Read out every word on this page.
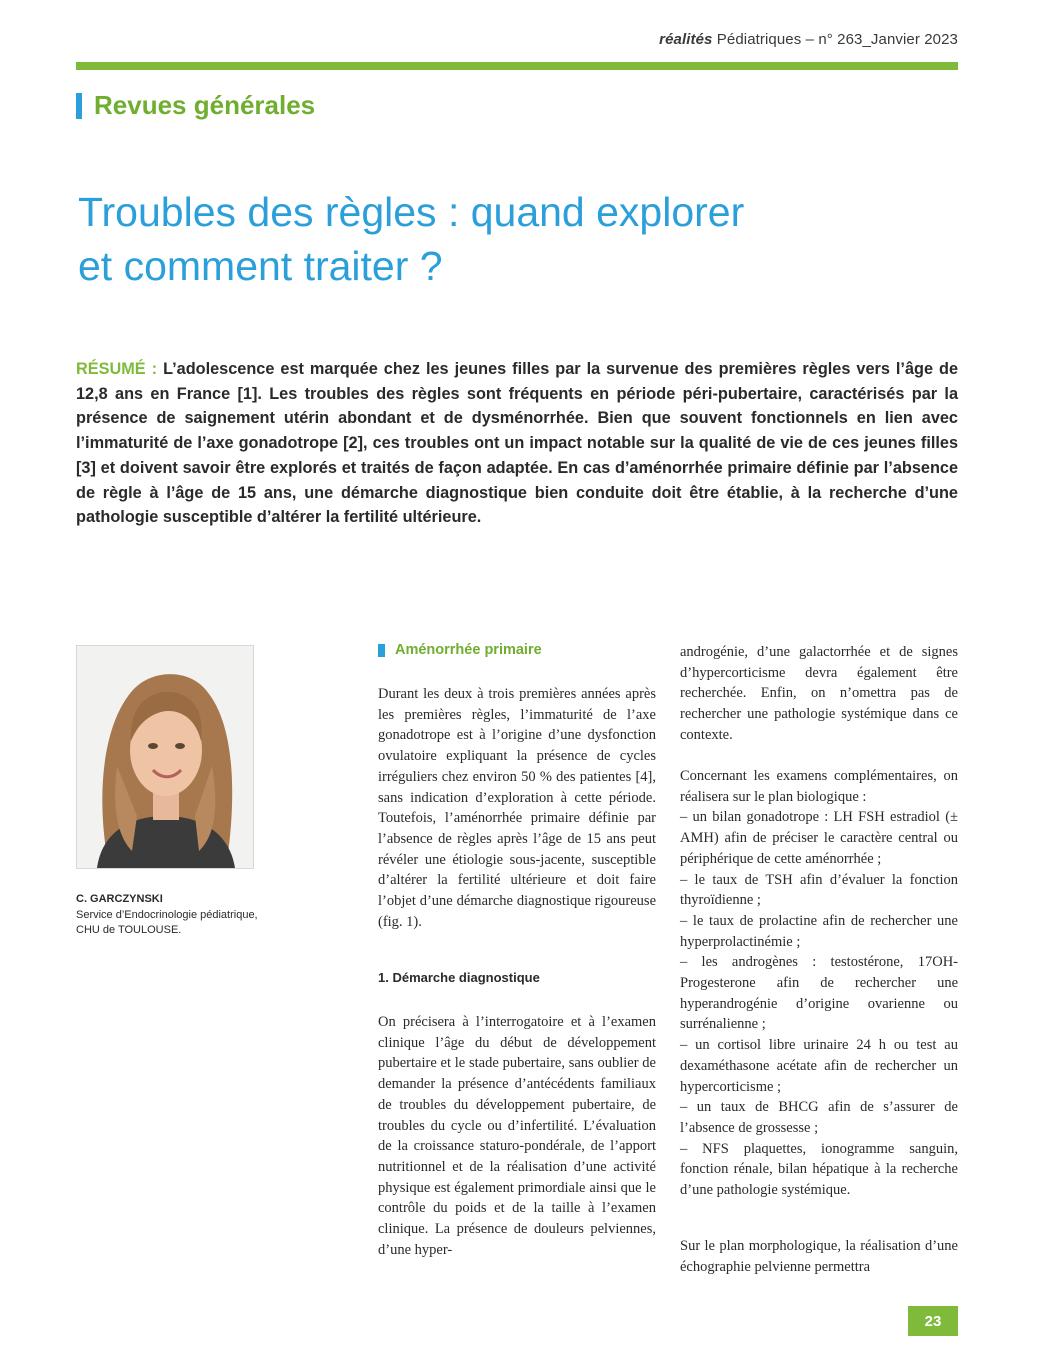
réalités Pédiatriques – n° 263_Janvier 2023
Revues générales
Troubles des règles : quand explorer
et comment traiter ?

RÉSUMÉ : L’adolescence est marquée chez les jeunes filles par la survenue des premières règles vers l’âge de 12,8 ans en France [1]. Les troubles des règles sont fréquents en période péri-pubertaire, caractérisés par la présence de saignement utérin abondant et de dysménorrhée. Bien que souvent fonctionnels en lien avec l’immaturité de l’axe gonadotrope [2], ces troubles ont un impact notable sur la qualité de vie de ces jeunes filles [3] et doivent savoir être explorés et traités de façon adaptée. En cas d’aménorrhée primaire définie par l’absence de règle à l’âge de 15 ans, une démarche diagnostique bien conduite doit être établie, à la recherche d’une pathologie susceptible d’altérer la fertilité ultérieure.

C. GARCZYNSKI
Service d’Endocrinologie pédiatrique,
CHU de TOULOUSE.
Aménorrhée primaire

Durant les deux à trois premières années après les premières règles, l’immaturité de l’axe gonadotrope est à l’origine d’une dysfonction ovulatoire expliquant la présence de cycles irréguliers chez environ 50 % des patientes [4], sans indication d’exploration à cette période. Toutefois, l’aménorrhée primaire définie par l’absence de règles après l’âge de 15 ans peut révéler une étiologie sous-jacente, susceptible d’altérer la fertilité ultérieure et doit faire l’objet d’une démarche diagnostique rigoureuse (fig. 1).

1. Démarche diagnostique

On précisera à l’interrogatoire et à l’examen clinique l’âge du début de développement pubertaire et le stade pubertaire, sans oublier de demander la présence d’antécédents familiaux de troubles du développement pubertaire, de troubles du cycle ou d’infertilité. L’évaluation de la croissance staturo-pondérale, de l’apport nutritionnel et de la réalisation d’une activité physique est également primordiale ainsi que le contrôle du poids et de la taille à l’examen clinique. La présence de douleurs pelviennes, d’une hyper-

androgénie, d’une galactorrhée et de signes d’hypercorticisme devra également être recherchée. Enfin, on n’omettra pas de rechercher une pathologie systémique dans ce contexte.

Concernant les examens complémentaires, on réalisera sur le plan biologique :
– un bilan gonadotrope : LH FSH estradiol (± AMH) afin de préciser le caractère central ou périphérique de cette aménorrhée ;
– le taux de TSH afin d’évaluer la fonction thyroïdienne ;
– le taux de prolactine afin de rechercher une hyperprolactinémie ;
– les androgènes : testostérone, 17OH-Progesterone afin de rechercher une hyperandrogénie d’origine ovarienne ou surrénalienne ;
– un cortisol libre urinaire 24 h ou test au dexaméthasone acétate afin de rechercher un hypercorticisme ;
– un taux de BHCG afin de s’assurer de l’absence de grossesse ;
– NFS plaquettes, ionogramme sanguin, fonction rénale, bilan hépatique à la recherche d’une pathologie systémique.

Sur le plan morphologique, la réalisation d’une échographie pelvienne permettra

23
